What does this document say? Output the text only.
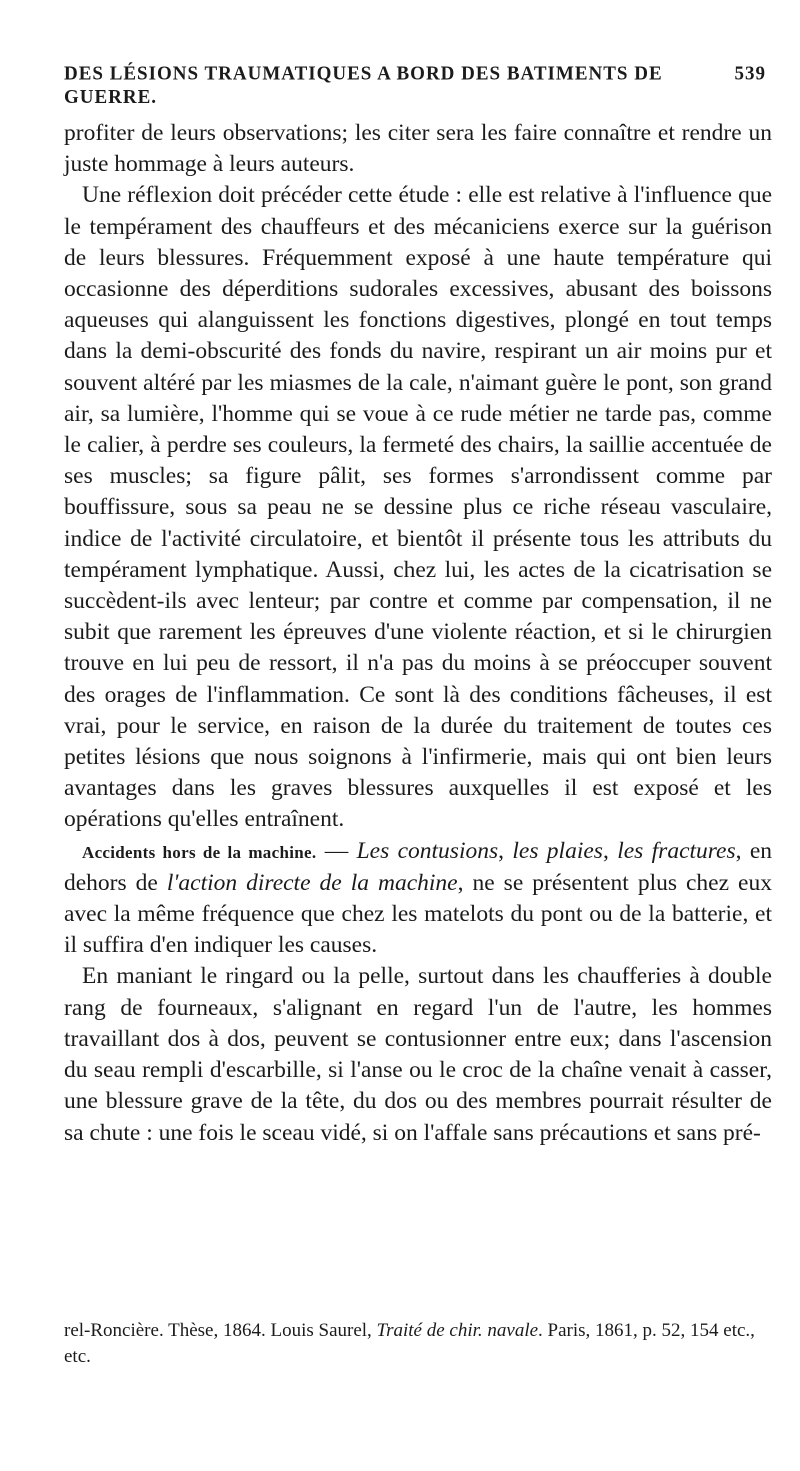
DES LÉSIONS TRAUMATIQUES A BORD DES BATIMENTS DE GUERRE.
539

profiter de leurs observations; les citer sera les faire connaître et rendre un juste hommage à leurs auteurs.

Une réflexion doit précéder cette étude : elle est relative à l'influence que le tempérament des chauffeurs et des mécaniciens exerce sur la guérison de leurs blessures. Fréquemment exposé à une haute température qui occasionne des déperditions sudorales excessives, abusant des boissons aqueuses qui alanguissent les fonctions digestives, plongé en tout temps dans la demi-obscurité des fonds du navire, respirant un air moins pur et souvent altéré par les miasmes de la cale, n'aimant guère le pont, son grand air, sa lumière, l'homme qui se voue à ce rude métier ne tarde pas, comme le calier, à perdre ses couleurs, la fermeté des chairs, la saillie accentuée de ses muscles; sa figure pâlit, ses formes s'arrondissent comme par bouffissure, sous sa peau ne se dessine plus ce riche réseau vasculaire, indice de l'activité circulatoire, et bientôt il présente tous les attributs du tempérament lymphatique. Aussi, chez lui, les actes de la cicatrisation se succèdent-ils avec lenteur; par contre et comme par compensation, il ne subit que rarement les épreuves d'une violente réaction, et si le chirurgien trouve en lui peu de ressort, il n'a pas du moins à se préoccuper souvent des orages de l'inflammation. Ce sont là des conditions fâcheuses, il est vrai, pour le service, en raison de la durée du traitement de toutes ces petites lésions que nous soignons à l'infirmerie, mais qui ont bien leurs avantages dans les graves blessures auxquelles il est exposé et les opérations qu'elles entraînent.

Accidents hors de la machine. — Les contusions, les plaies, les fractures, en dehors de l'action directe de la machine, ne se présentent plus chez eux avec la même fréquence que chez les matelots du pont ou de la batterie, et il suffira d'en indiquer les causes.

En maniant le ringard ou la pelle, surtout dans les chaufferies à double rang de fourneaux, s'alignant en regard l'un de l'autre, les hommes travaillant dos à dos, peuvent se contusionner entre eux; dans l'ascension du seau rempli d'escarbille, si l'anse ou le croc de la chaîne venait à casser, une blessure grave de la tête, du dos ou des membres pourrait résulter de sa chute : une fois le sceau vidé, si on l'affale sans précautions et sans pré-

rel-Roncière. Thèse, 1864. Louis Saurel, Traité de chir. navale. Paris, 1861, p. 52, 154 etc., etc.
